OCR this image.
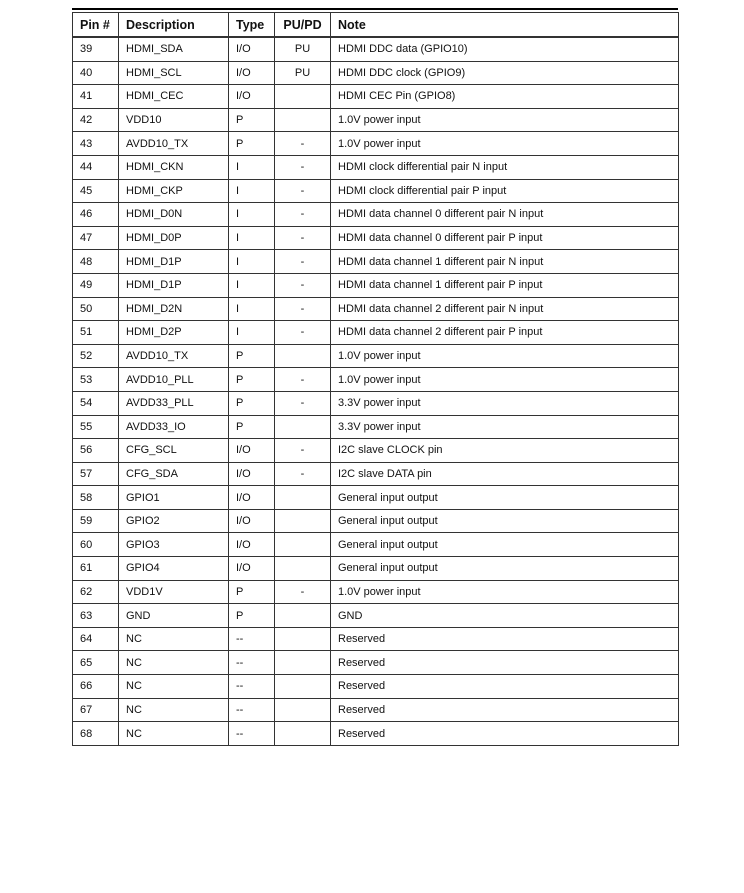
Pin #	Description	Type	PU/PD	Note
39	HDMI_SDA	I/O	PU	HDMI DDC data (GPIO10)
40	HDMI_SCL	I/O	PU	HDMI DDC clock (GPIO9)
41	HDMI_CEC	I/O		HDMI CEC Pin (GPIO8)
42	VDD10	P		1.0V power input
43	AVDD10_TX	P	-	1.0V power input
44	HDMI_CKN	I	-	HDMI clock differential pair N input
45	HDMI_CKP	I	-	HDMI clock differential pair P input
46	HDMI_D0N	I	-	HDMI data channel 0 different pair N input
47	HDMI_D0P	I	-	HDMI data channel 0 different pair P input
48	HDMI_D1P	I	-	HDMI data channel 1 different pair N input
49	HDMI_D1P	I	-	HDMI data channel 1 different pair P input
50	HDMI_D2N	I	-	HDMI data channel 2 different pair N input
51	HDMI_D2P	I	-	HDMI data channel 2 different pair P input
52	AVDD10_TX	P		1.0V power input
53	AVDD10_PLL	P	-	1.0V power input
54	AVDD33_PLL	P	-	3.3V power input
55	AVDD33_IO	P		3.3V power input
56	CFG_SCL	I/O	-	I2C slave CLOCK pin
57	CFG_SDA	I/O	-	I2C slave DATA pin
58	GPIO1	I/O		General input output
59	GPIO2	I/O		General input output
60	GPIO3	I/O		General input output
61	GPIO4	I/O		General input output
62	VDD1V	P	-	1.0V power input
63	GND	P		GND
64	NC	--		Reserved
65	NC	--		Reserved
66	NC	--		Reserved
67	NC	--		Reserved
68	NC	--		Reserved
